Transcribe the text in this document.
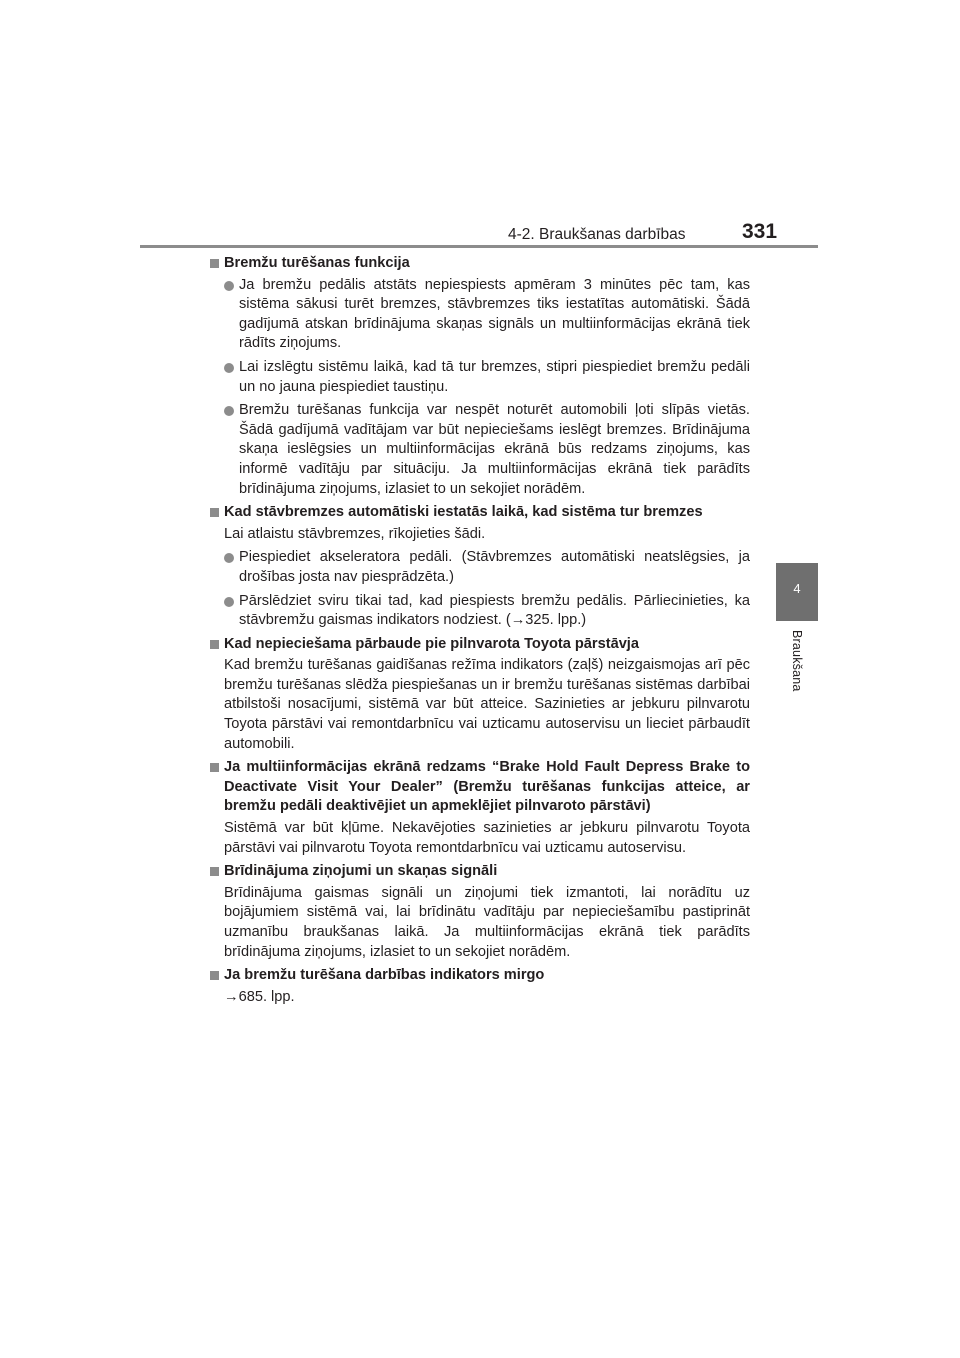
4-2. Braukšanas darbības	331
4
Braukšana
Bremžu turēšanas funkcija
Ja bremžu pedālis atstāts nepiespiests apmēram 3 minūtes pēc tam, kas sistēma sākusi turēt bremzes, stāvbremzes tiks iestatītas automātiski. Šādā gadījumā atskan brīdinājuma skaņas signāls un multiinformācijas ekrānā tiek rādīts ziņojums.
Lai izslēgtu sistēmu laikā, kad tā tur bremzes, stipri piespiediet bremžu pedāli un no jauna piespiediet taustiņu.
Bremžu turēšanas funkcija var nespēt noturēt automobili ļoti slīpās vietās. Šādā gadījumā vadītājam var būt nepieciešams ieslēgt bremzes. Brīdinājuma skaņa ieslēgsies un multiinformācijas ekrānā būs redzams ziņojums, kas informē vadītāju par situāciju. Ja multiinformācijas ekrānā tiek parādīts brīdinājuma ziņojums, izlasiet to un sekojiet norādēm.
Kad stāvbremzes automātiski iestatās laikā, kad sistēma tur bremzes
Lai atlaistu stāvbremzes, rīkojieties šādi.
Piespiediet akseleratora pedāli. (Stāvbremzes automātiski neatslēgsies, ja drošības josta nav piesprādzēta.)
Pārslēdziet sviru tikai tad, kad piespiests bremžu pedālis. Pārliecinieties, ka stāvbremžu gaismas indikators nodziest. (→325. lpp.)
Kad nepieciešama pārbaude pie pilnvarota Toyota pārstāvja
Kad bremžu turēšanas gaidīšanas režīma indikators (zaļš) neizgaismojas arī pēc bremžu turēšanas slēdža piespiešanas un ir bremžu turēšanas sistēmas darbībai atbilstoši nosacījumi, sistēmā var būt atteice. Sazinieties ar jebkuru pilnvarotu Toyota pārstāvi vai remontdarbnīcu vai uzticamu autoservisu un lieciet pārbaudīt automobili.
Ja multiinformācijas ekrānā redzams “Brake Hold Fault Depress Brake to Deactivate Visit Your Dealer” (Bremžu turēšanas funkcijas atteice, ar bremžu pedāli deaktivējiet un apmeklējiet pilnvaroto pārstāvi)
Sistēmā var būt kļūme. Nekavējoties sazinieties ar jebkuru pilnvarotu Toyota pārstāvi vai pilnvarotu Toyota remontdarbnīcu vai uzticamu autoservisu.
Brīdinājuma ziņojumi un skaņas signāli
Brīdinājuma gaismas signāli un ziņojumi tiek izmantoti, lai norādītu uz bojājumiem sistēmā vai, lai brīdinātu vadītāju par nepieciešamību pastiprināt uzmanību braukšanas laikā. Ja multiinformācijas ekrānā tiek parādīts brīdinājuma ziņojums, izlasiet to un sekojiet norādēm.
Ja bremžu turēšana darbības indikators mirgo
→685. lpp.
